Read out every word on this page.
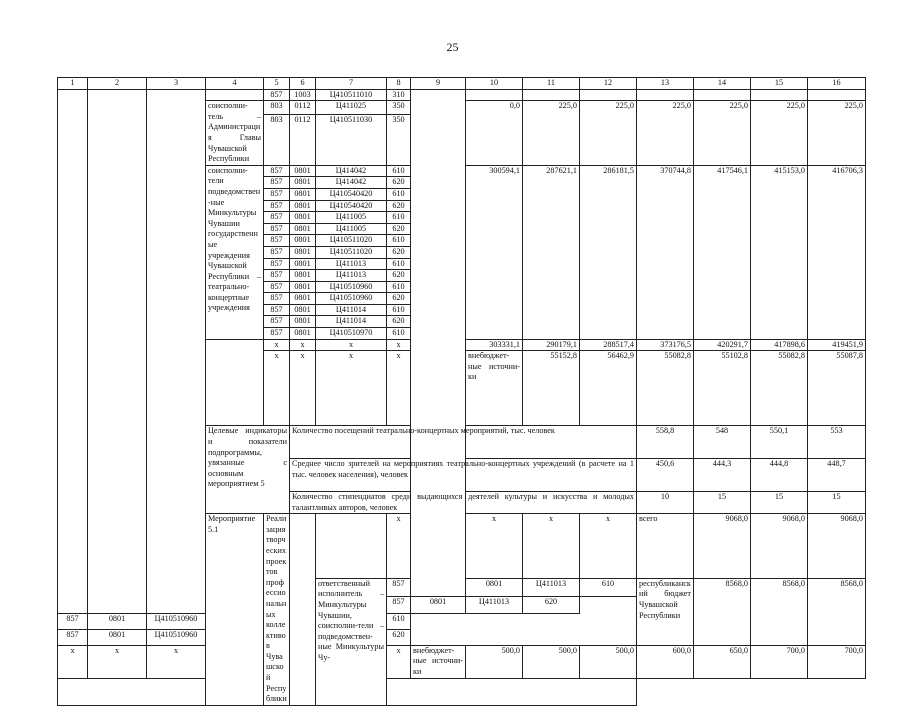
25
1	2	3	4	5	6	7	8	9	10	11	12	13	14	15	16	
				857	1003	Ц410511010	310									
			соисполни-тель – Администрация Главы Чувашской Республики	803	0112	Ц411025	350		0,0	225,0	225,0	225,0	225,0	225,0	225,0	
				803	0112	Ц410511030	350									
			соисполни-тели подведомствен-ные Минкультуры Чувашии государственные учреждения Чувашской Республики – театрально-концертные учреждения	857	0801	Ц414042	610		300594,1	287621,1	286181,5	370744,8	417546,1	415153,0	416706,3	
				857	0801	Ц414042	620									
				857	0801	Ц410540420	610									
				857	0801	Ц410540420	620									
				857	0801	Ц411005	610									
				857	0801	Ц411005	620									
				857	0801	Ц410511020	610									
				857	0801	Ц410511020	620									
				857	0801	Ц411013	610									
				857	0801	Ц411013	620									
				857	0801	Ц410510960	610									
				857	0801	Ц410510960	620									
				857	0801	Ц411014	610									
				857	0801	Ц411014	620									
				857	0801	Ц410510970	610									
				х	х	х	х		303331,1	290179,1	288517,4	373176,5	420291,7	417898,6	419451,9	
				х	х	х	х		внебюджет-ные источни-ки	55152,8	56462,9	55082,8	55102,8	55082,8	55087,8	
			Целевые индикаторы и показатели подпрограммы, увязанные с основным мероприятием 5		Количество посещений театрально-концертных мероприятий, тыс. человек							558,8	548	550,1	553			
					Среднее число зрителей на мероприятиях театрально-концертных учреждений (в расчете на 1 тыс. человек населения), человек							450,6	444,3	444,8	448,7			
					Количество стипендиатов среди выдающихся деятелей культуры и искусства и молодых талантливых авторов, человек							10	15	15	15			
			Мероприятие 5.1	Реализация творческих проектов профессиональных коллективов Чувашской Республики			х		х	х	х	всего	9068,0	9068,0	9068,0				
						ответственный исполнитель – Минкультуры Чувашии, соисполни-тели – подведомствен-ные Минкультуры Чу-	857		0801	Ц411013	610	республиканский бюджет Чувашской Республики	8568,0	8568,0	8568,0				
							857	0801	Ц411013	620						
857	0801	Ц410510960					610									
857	0801	Ц410510960					620									
х	х	х					х	внебюджет-ные источни-ки	500,0	500,0	500,0	600,0	650,0	700,0	700,0	
